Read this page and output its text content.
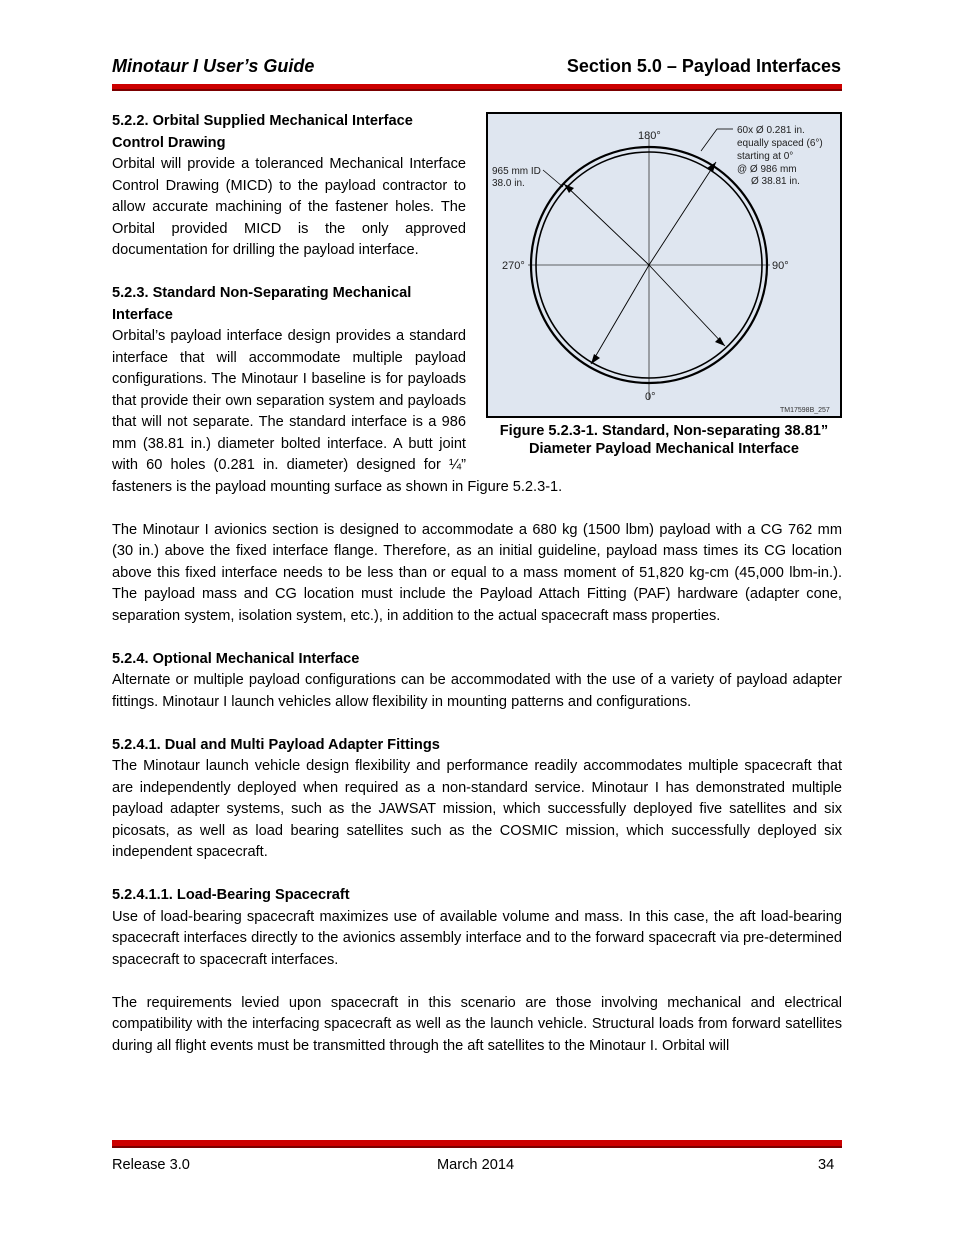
Minotaur I User’s Guide	Section 5.0 – Payload Interfaces
180°
90°
0°
270°
965 mm ID
38.0 in.
60x Ø 0.281 in.
equally spaced (6°)
starting at 0°
@ Ø 986 mm
Ø 38.81 in.
TM17598B_257
Figure 5.2.3-1. Standard, Non-separating 38.81”
Diameter Payload Mechanical Interface
5.2.2. Orbital Supplied Mechanical Interface Control Drawing

Orbital will provide a toleranced Mechanical Interface Control Drawing (MICD) to the payload contractor to allow accurate machining of the fastener holes. The Orbital provided MICD is the only approved documentation for drilling the payload interface.

5.2.3. Standard Non-Separating Mechanical Interface

Orbital’s payload interface design provides a standard interface that will accommodate multiple payload configurations. The Minotaur I baseline is for payloads that provide their own separation system and payloads that will not separate. The standard interface is a 986 mm (38.81 in.) diameter bolted interface. A butt joint with 60 holes (0.281 in. diameter) designed for ¼” fasteners is the payload mounting surface as shown in Figure 5.2.3-1.

The Minotaur I avionics section is designed to accommodate a 680 kg (1500 lbm) payload with a CG 762 mm (30 in.) above the fixed interface flange. Therefore, as an initial guideline, payload mass times its CG location above this fixed interface needs to be less than or equal to a mass moment of 51,820 kg-cm (45,000 lbm-in.). The payload mass and CG location must include the Payload Attach Fitting (PAF) hardware (adapter cone, separation system, isolation system, etc.), in addition to the actual spacecraft mass properties.

5.2.4. Optional Mechanical Interface

Alternate or multiple payload configurations can be accommodated with the use of a variety of payload adapter fittings. Minotaur I launch vehicles allow flexibility in mounting patterns and configurations.

5.2.4.1. Dual and Multi Payload Adapter Fittings

The Minotaur launch vehicle design flexibility and performance readily accommodates multiple spacecraft that are independently deployed when required as a non-standard service. Minotaur I has demonstrated multiple payload adapter systems, such as the JAWSAT mission, which successfully deployed five satellites and six picosats, as well as load bearing satellites such as the COSMIC mission, which successfully deployed six independent spacecraft.

5.2.4.1.1. Load-Bearing Spacecraft

Use of load-bearing spacecraft maximizes use of available volume and mass. In this case, the aft load-bearing spacecraft interfaces directly to the avionics assembly interface and to the forward spacecraft via pre-determined spacecraft to spacecraft interfaces.

The requirements levied upon spacecraft in this scenario are those involving mechanical and electrical compatibility with the interfacing spacecraft as well as the launch vehicle. Structural loads from forward satellites during all flight events must be transmitted through the aft satellites to the Minotaur I. Orbital will

Release 3.0	March 2014	34
